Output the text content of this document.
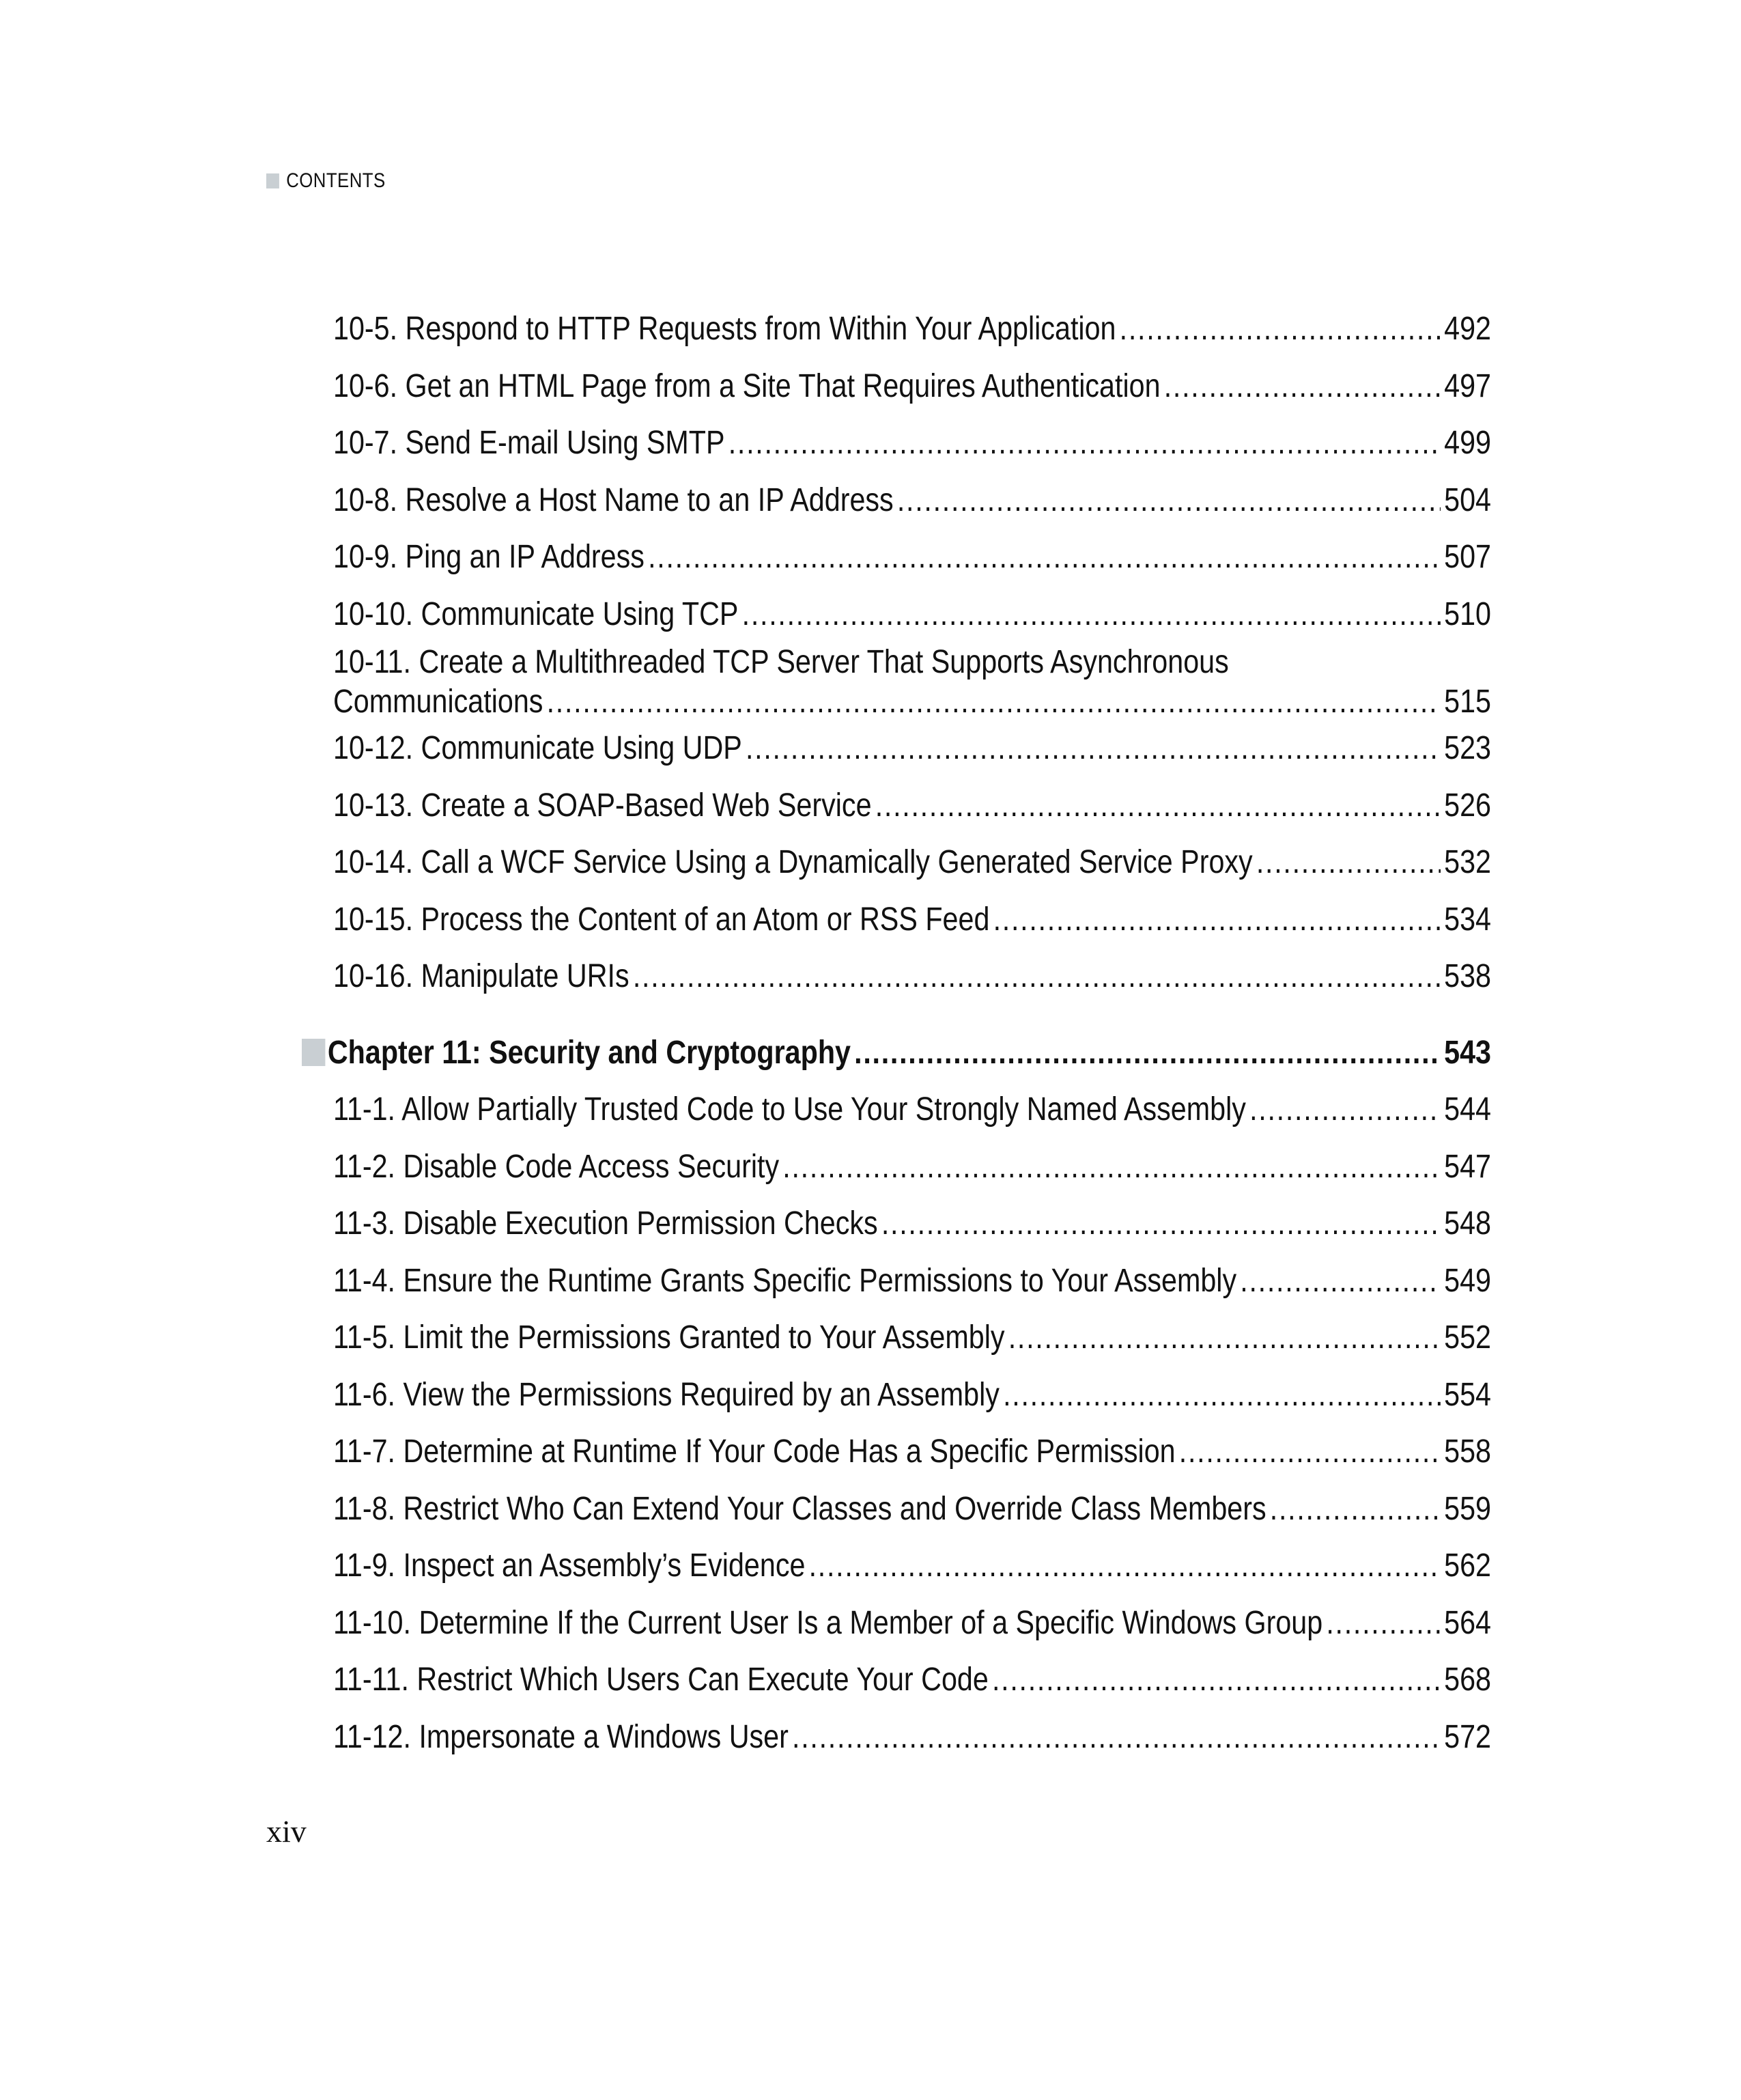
CONTENTS
10-5. Respond to HTTP Requests from Within Your Application .....	492
10-6. Get an HTML Page from a Site That Requires Authentication .....	497
10-7. Send E-mail Using SMTP .....	499
10-8. Resolve a Host Name to an IP Address .....	504
10-9. Ping an IP Address .....	507
10-10. Communicate Using TCP .....	510
10-11. Create a Multithreaded TCP Server That Supports Asynchronous
Communications .....	515
10-12. Communicate Using UDP .....	523
10-13. Create a SOAP-Based Web Service .....	526
10-14. Call a WCF Service Using a Dynamically Generated Service Proxy .....	532
10-15. Process the Content of an Atom or RSS Feed .....	534
10-16. Manipulate URIs .....	538
Chapter 11: Security and Cryptography .....	543
11-1. Allow Partially Trusted Code to Use Your Strongly Named Assembly .....	544
11-2. Disable Code Access Security .....	547
11-3. Disable Execution Permission Checks .....	548
11-4. Ensure the Runtime Grants Specific Permissions to Your Assembly .....	549
11-5. Limit the Permissions Granted to Your Assembly .....	552
11-6. View the Permissions Required by an Assembly .....	554
11-7. Determine at Runtime If Your Code Has a Specific Permission .....	558
11-8. Restrict Who Can Extend Your Classes and Override Class Members .....	559
11-9. Inspect an Assembly’s Evidence .....	562
11-10. Determine If the Current User Is a Member of a Specific Windows Group .....	564
11-11. Restrict Which Users Can Execute Your Code .....	568
11-12. Impersonate a Windows User .....	572
xiv
